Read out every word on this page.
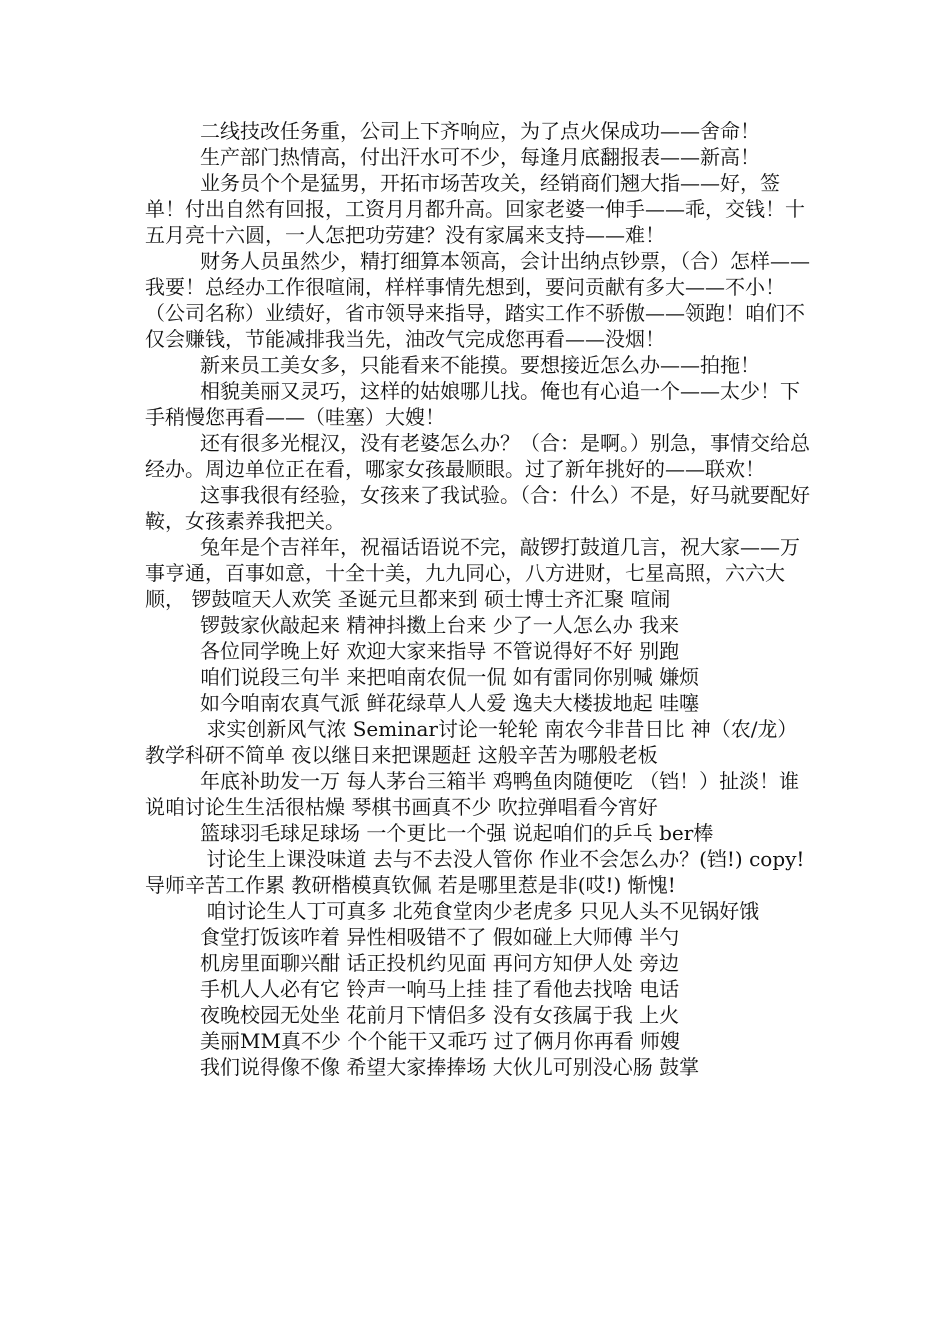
二线技改任务重，公司上下齐响应，为了点火保成功——舍命！

生产部门热情高，付出汗水可不少，每逢月底翻报表——新高！

业务员个个是猛男，开拓市场苦攻关，经销商们翘大指——好，签单！付出自然有回报，工资月月都升高。回家老婆一伸手——乖，交钱！十五月亮十六圆，一人怎把功劳建？没有家属来支持——难！

财务人员虽然少，精打细算本领高，会计出纳点钞票，（合）怎样——我要！总经办工作很喧闹，样样事情先想到，要问贡献有多大——不小！（公司名称）业绩好，省市领导来指导，踏实工作不骄傲——领跑！咱们不仅会赚钱，节能减排我当先，油改气完成您再看——没烟！

新来员工美女多，只能看来不能摸。要想接近怎么办——拍拖！

相貌美丽又灵巧，这样的姑娘哪儿找。俺也有心追一个——太少！下手稍慢您再看——（哇塞）大嫂！

还有很多光棍汉，没有老婆怎么办？（合：是啊。）别急，事情交给总经办。周边单位正在看，哪家女孩最顺眼。过了新年挑好的——联欢！

这事我很有经验，女孩来了我试验。（合：什么）不是，好马就要配好鞍，女孩素养我把关。

兔年是个吉祥年，祝福话语说不完，敲锣打鼓道几言，祝大家——万事亨通，百事如意，十全十美，九九同心，八方进财，七星高照，六六大顺， 锣鼓喧天人欢笑 圣诞元旦都来到 硕士博士齐汇聚 喧闹

锣鼓家伙敲起来 精神抖擞上台来 少了一人怎么办 我来

各位同学晚上好 欢迎大家来指导 不管说得好不好 别跑

咱们说段三句半 来把咱南农侃一侃 如有雷同你别喊 嫌烦

如今咱南农真气派 鲜花绿草人人爱 逸夫大楼拔地起 哇噻

求实创新风气浓 Seminar讨论一轮轮 南农今非昔日比 神（农/龙）教学科研不简单 夜以继日来把课题赶 这般辛苦为哪般老板

年底补助发一万 每人茅台三箱半 鸡鸭鱼肉随便吃 （铛！）扯淡！谁说咱讨论生生活很枯燥 琴棋书画真不少 吹拉弹唱看今宵好

篮球羽毛球足球场 一个更比一个强 说起咱们的乒乓 ber棒

讨论生上课没味道 去与不去没人管你 作业不会怎么办？(铛!) copy!导师辛苦工作累 教研楷模真钦佩 若是哪里惹是非(哎!) 惭愧!

咱讨论生人丁可真多 北苑食堂肉少老虎多 只见人头不见锅好饿

食堂打饭该咋着 异性相吸错不了 假如碰上大师傅 半勺

机房里面聊兴酣 话正投机约见面 再问方知伊人处 旁边

手机人人必有它 铃声一响马上挂 挂了看他去找啥 电话

夜晚校园无处坐 花前月下情侣多 没有女孩属于我 上火

美丽MM真不少 个个能干又乖巧 过了俩月你再看 师嫂

我们说得像不像 希望大家捧捧场 大伙儿可别没心肠 鼓掌
